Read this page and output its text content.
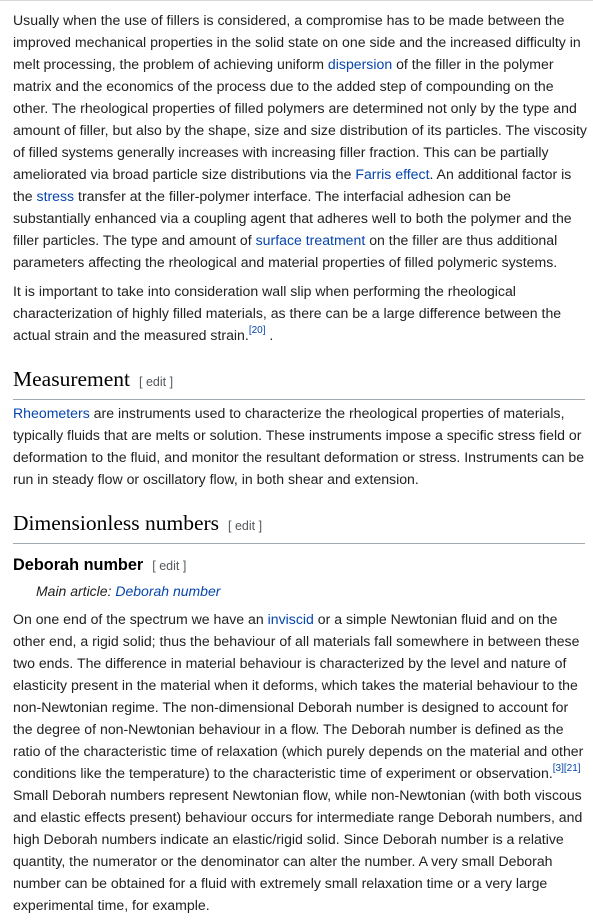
Usually when the use of fillers is considered, a compromise has to be made between the

improved mechanical properties in the solid state on one side and the increased difficulty in

melt processing, the problem of achieving uniform dispersion of the filler in the polymer

matrix and the economics of the process due to the added step of compounding on the

other. The rheological properties of filled polymers are determined not only by the type and

amount of filler, but also by the shape, size and size distribution of its particles. The viscosity

of filled systems generally increases with increasing filler fraction. This can be partially

ameliorated via broad particle size distributions via the Farris effect. An additional factor is

the stress transfer at the filler-polymer interface. The interfacial adhesion can be

substantially enhanced via a coupling agent that adheres well to both the polymer and the

filler particles. The type and amount of surface treatment on the filler are thus additional

parameters affecting the rheological and material properties of filled polymeric systems.

It is important to take into consideration wall slip when performing the rheological

characterization of highly filled materials, as there can be a large difference between the

actual strain and the measured strain.[20] .

Measurement [ edit ]

Rheometers are instruments used to characterize the rheological properties of materials,

typically fluids that are melts or solution. These instruments impose a specific stress field or

deformation to the fluid, and monitor the resultant deformation or stress. Instruments can be

run in steady flow or oscillatory flow, in both shear and extension.

Dimensionless numbers [ edit ]
Deborah number [ edit ]
Main article: Deborah number

On one end of the spectrum we have an inviscid or a simple Newtonian fluid and on the

other end, a rigid solid; thus the behaviour of all materials fall somewhere in between these

two ends. The difference in material behaviour is characterized by the level and nature of

elasticity present in the material when it deforms, which takes the material behaviour to the

non-Newtonian regime. The non-dimensional Deborah number is designed to account for

the degree of non-Newtonian behaviour in a flow. The Deborah number is defined as the

ratio of the characteristic time of relaxation (which purely depends on the material and other

conditions like the temperature) to the characteristic time of experiment or observation.[3][21]

Small Deborah numbers represent Newtonian flow, while non-Newtonian (with both viscous

and elastic effects present) behaviour occurs for intermediate range Deborah numbers, and

high Deborah numbers indicate an elastic/rigid solid. Since Deborah number is a relative

quantity, the numerator or the denominator can alter the number. A very small Deborah

number can be obtained for a fluid with extremely small relaxation time or a very large

experimental time, for example.
